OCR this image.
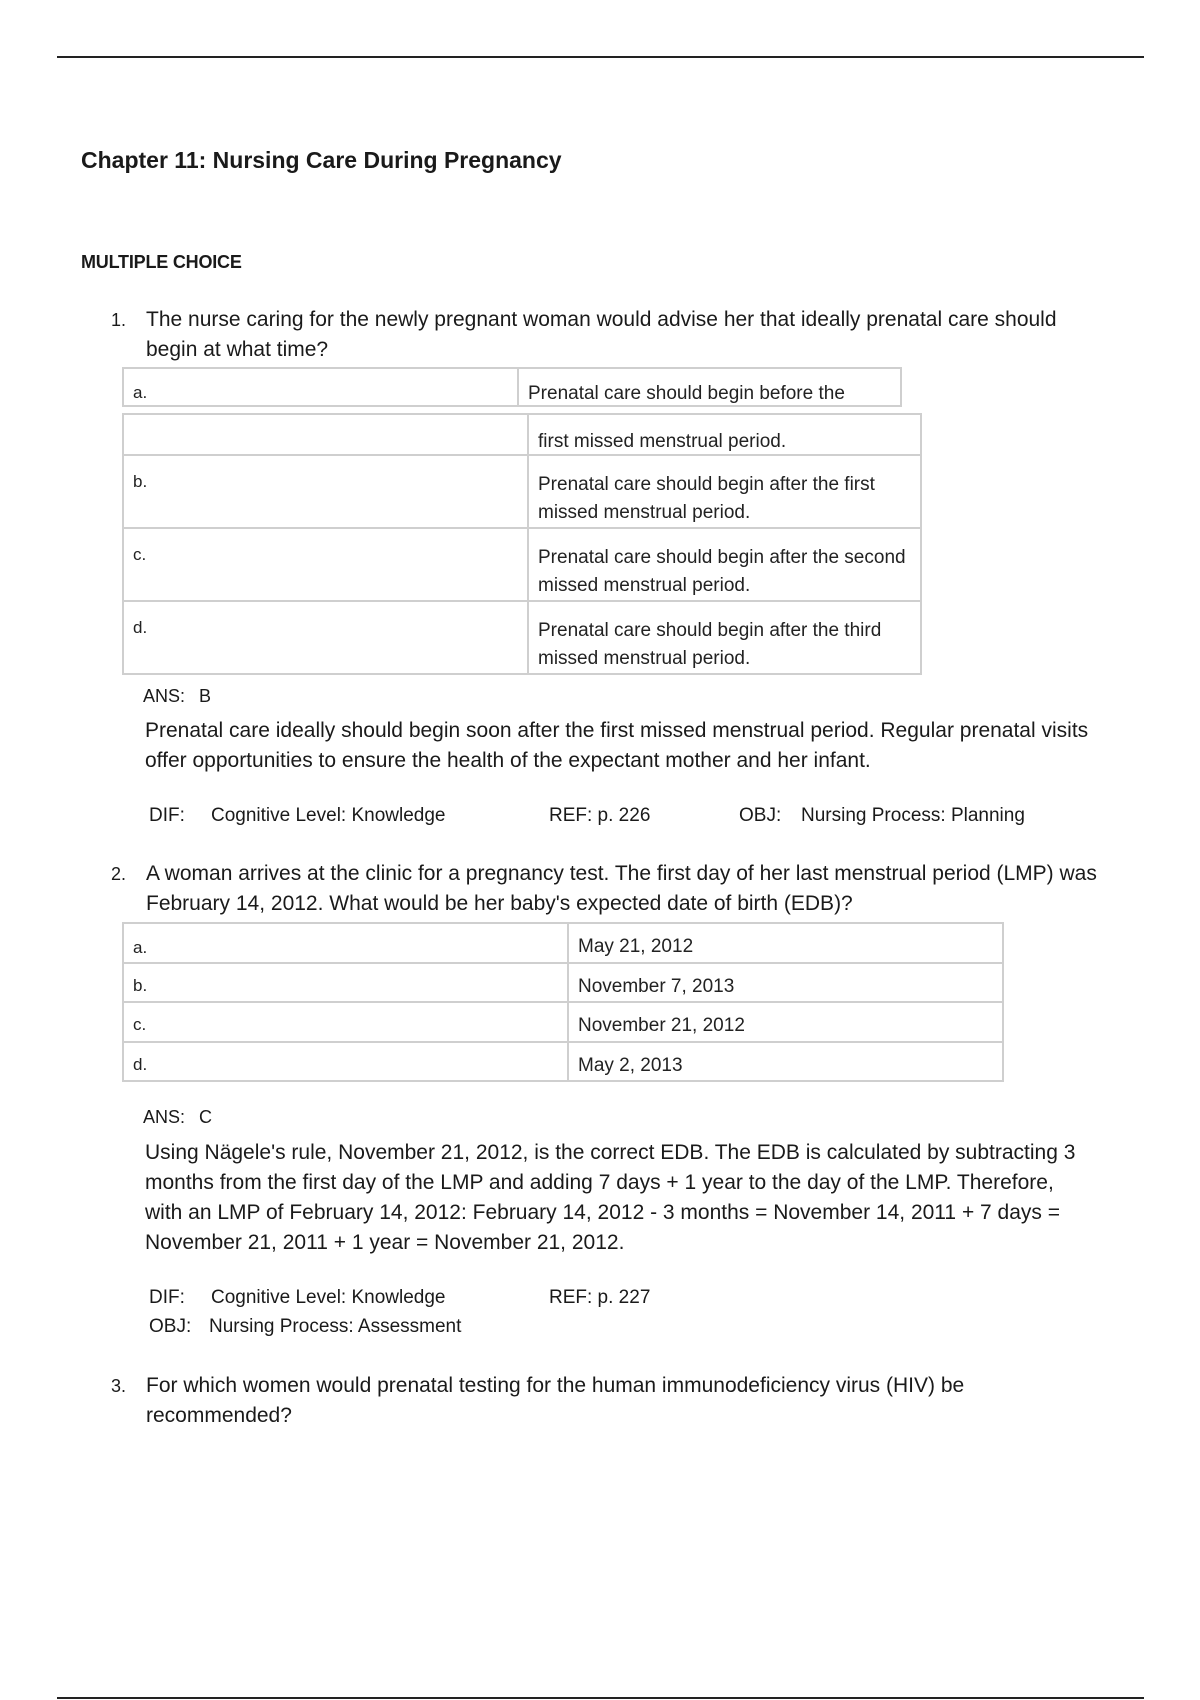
Chapter 11: Nursing Care During Pregnancy
MULTIPLE CHOICE
1. The nurse caring for the newly pregnant woman would advise her that ideally prenatal care should begin at what time?
a.	Prenatal care should begin before the
	first missed menstrual period.
b.	Prenatal care should begin after the first missed menstrual period.
c.	Prenatal care should begin after the second missed menstrual period.
d.	Prenatal care should begin after the third missed menstrual period.
ANS: B
Prenatal care ideally should begin soon after the first missed menstrual period. Regular prenatal visits offer opportunities to ensure the health of the expectant mother and her infant.
DIF: Cognitive Level: Knowledge	REF: p. 226	OBJ: Nursing Process: Planning
2. A woman arrives at the clinic for a pregnancy test. The first day of her last menstrual period (LMP) was February 14, 2012. What would be her baby's expected date of birth (EDB)?
a.	May 21, 2012
b.	November 7, 2013
c.	November 21, 2012
d.	May 2, 2013
ANS: C
Using Nägele's rule, November 21, 2012, is the correct EDB. The EDB is calculated by subtracting 3 months from the first day of the LMP and adding 7 days + 1 year to the day of the LMP. Therefore, with an LMP of February 14, 2012: February 14, 2012 - 3 months = November 14, 2011 + 7 days = November 21, 2011 + 1 year = November 21, 2012.
DIF: Cognitive Level: Knowledge	REF: p. 227
OBJ: Nursing Process: Assessment
3. For which women would prenatal testing for the human immunodeficiency virus (HIV) be recommended?
